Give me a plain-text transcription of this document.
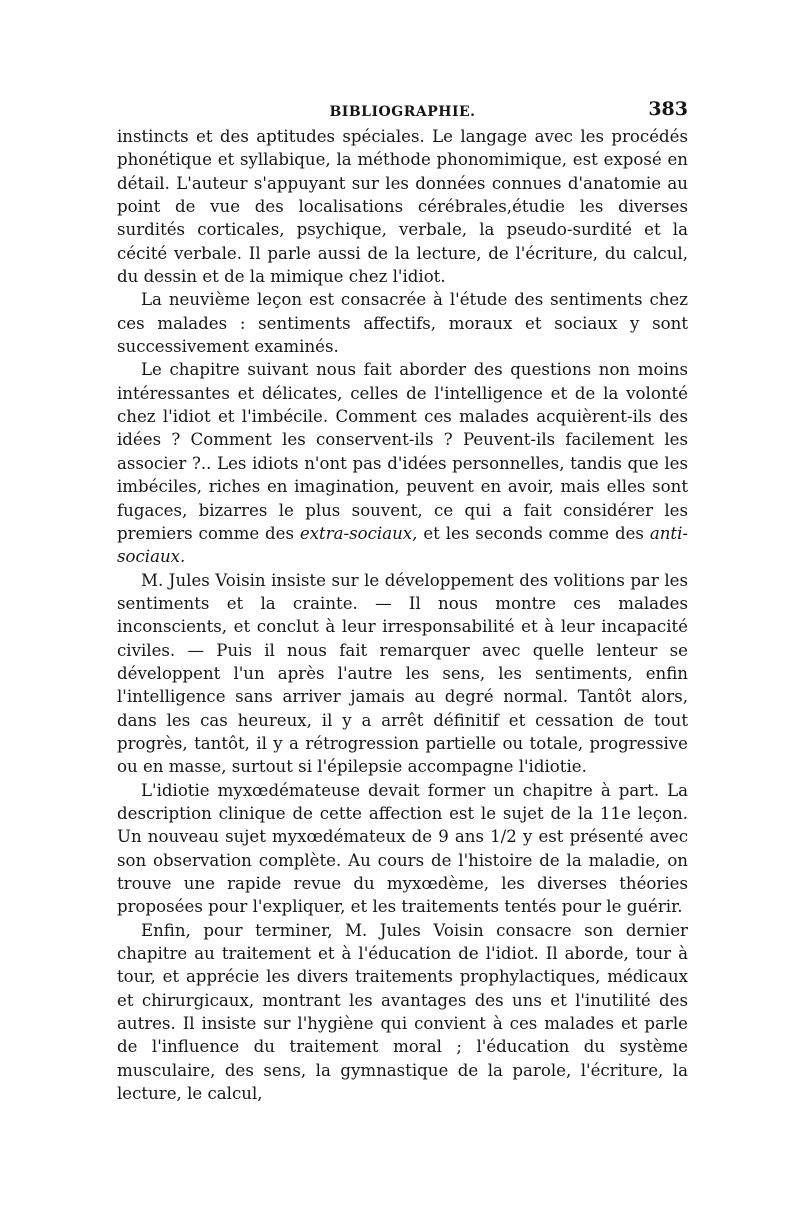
BIBLIOGRAPHIE.	383

instincts et des aptitudes spéciales. Le langage avec les procédés phonétique et syllabique, la méthode phonomimique, est exposé en détail. L'auteur s'appuyant sur les données connues d'anatomie au point de vue des localisations cérébrales,étudie les diverses surdités corticales, psychique, verbale, la pseudo-surdité et la cécité verbale. Il parle aussi de la lecture, de l'écriture, du calcul, du dessin et de la mimique chez l'idiot.

La neuvième leçon est consacrée à l'étude des sentiments chez ces malades : sentiments affectifs, moraux et sociaux y sont successivement examinés.

Le chapitre suivant nous fait aborder des questions non moins intéressantes et délicates, celles de l'intelligence et de la volonté chez l'idiot et l'imbécile. Comment ces malades acquièrent-ils des idées ? Comment les conservent-ils ? Peuvent-ils facilement les associer ?.. Les idiots n'ont pas d'idées personnelles, tandis que les imbéciles, riches en imagination, peuvent en avoir, mais elles sont fugaces, bizarres le plus souvent, ce qui a fait considérer les premiers comme des extra-sociaux, et les seconds comme des anti-sociaux.

M. Jules Voisin insiste sur le développement des volitions par les sentiments et la crainte. — Il nous montre ces malades inconscients, et conclut à leur irresponsabilité et à leur incapacité civiles. — Puis il nous fait remarquer avec quelle lenteur se développent l'un après l'autre les sens, les sentiments, enfin l'intelligence sans arriver jamais au degré normal. Tantôt alors, dans les cas heureux, il y a arrêt définitif et cessation de tout progrès, tantôt, il y a rétrogression partielle ou totale, progressive ou en masse, surtout si l'épilepsie accompagne l'idiotie.

L'idiotie myxœdémateuse devait former un chapitre à part. La description clinique de cette affection est le sujet de la 11e leçon. Un nouveau sujet myxœdémateux de 9 ans 1/2 y est présenté avec son observation complète. Au cours de l'histoire de la maladie, on trouve une rapide revue du myxœdème, les diverses théories proposées pour l'expliquer, et les traitements tentés pour le guérir.

Enfin, pour terminer, M. Jules Voisin consacre son dernier chapitre au traitement et à l'éducation de l'idiot. Il aborde, tour à tour, et apprécie les divers traitements prophylactiques, médicaux et chirurgicaux, montrant les avantages des uns et l'inutilité des autres. Il insiste sur l'hygiène qui convient à ces malades et parle de l'influence du traitement moral ; l'éducation du système musculaire, des sens, la gymnastique de la parole, l'écriture, la lecture, le calcul,
